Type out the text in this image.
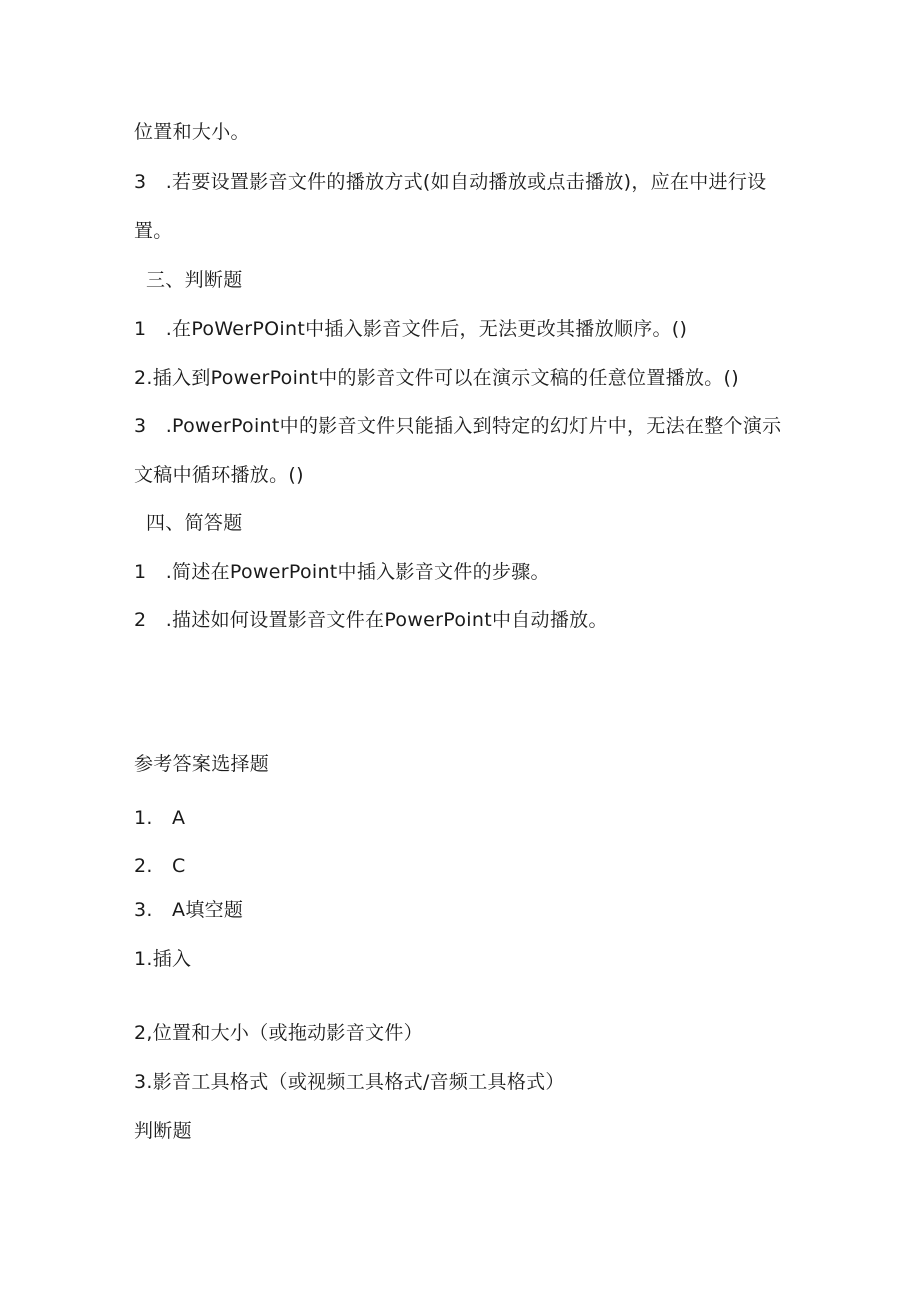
位置和大小。
3　.若要设置影音文件的播放方式(如自动播放或点击播放)，应在中进行设
置。
三、判断题
1　.在PoWerPOint中插入影音文件后，无法更改其播放顺序。()
2.插入到PowerPoint中的影音文件可以在演示文稿的任意位置播放。()
3　.PowerPoint中的影音文件只能插入到特定的幻灯片中，无法在整个演示
文稿中循环播放。()
四、简答题
1　.简述在PowerPoint中插入影音文件的步骤。
2　.描述如何设置影音文件在PowerPoint中自动播放。
参考答案选择题
1.　A
2.　C
3.　A填空题
1.插入
2,位置和大小（或拖动影音文件）
3.影音工具格式（或视频工具格式/音频工具格式）
判断题
